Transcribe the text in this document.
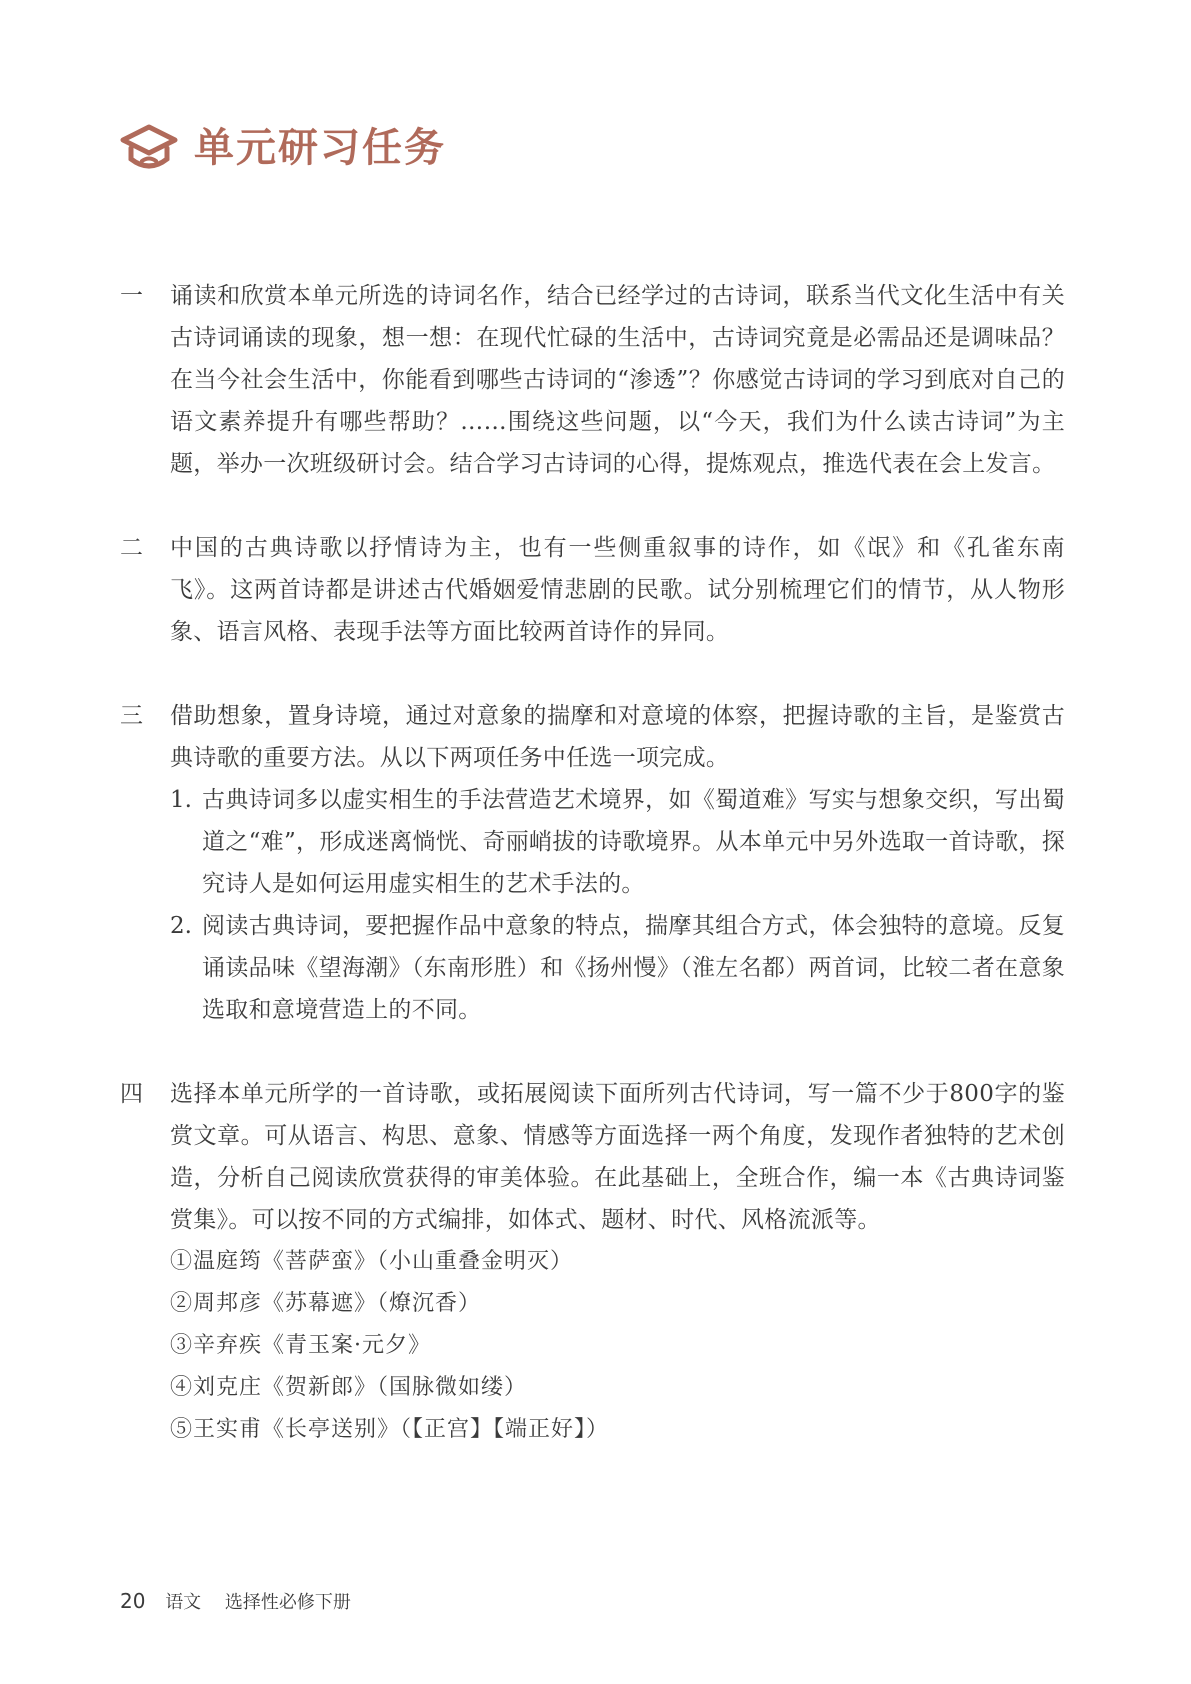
单元研习任务
一	诵读和欣赏本单元所选的诗词名作，结合已经学过的古诗词，联系当代文化生活中有关古诗词诵读的现象，想一想：在现代忙碌的生活中，古诗词究竟是必需品还是调味品？在当今社会生活中，你能看到哪些古诗词的“渗透”？你感觉古诗词的学习到底对自己的语文素养提升有哪些帮助？……围绕这些问题，以“今天，我们为什么读古诗词”为主题，举办一次班级研讨会。结合学习古诗词的心得，提炼观点，推选代表在会上发言。

二	中国的古典诗歌以抒情诗为主，也有一些侧重叙事的诗作，如《氓》和《孔雀东南飞》。这两首诗都是讲述古代婚姻爱情悲剧的民歌。试分别梳理它们的情节，从人物形象、语言风格、表现手法等方面比较两首诗作的异同。

三	借助想象，置身诗境，通过对意象的揣摩和对意境的体察，把握诗歌的主旨，是鉴赏古典诗歌的重要方法。从以下两项任务中任选一项完成。

1. 古典诗词多以虚实相生的手法营造艺术境界，如《蜀道难》写实与想象交织，写出蜀道之“难”，形成迷离惝恍、奇丽峭拔的诗歌境界。从本单元中另外选取一首诗歌，探究诗人是如何运用虚实相生的艺术手法的。

2. 阅读古典诗词，要把握作品中意象的特点，揣摩其组合方式，体会独特的意境。反复诵读品味《望海潮》（东南形胜）和《扬州慢》（淮左名都）两首词，比较二者在意象选取和意境营造上的不同。

四	选择本单元所学的一首诗歌，或拓展阅读下面所列古代诗词，写一篇不少于800字的鉴赏文章。可从语言、构思、意象、情感等方面选择一两个角度，发现作者独特的艺术创造，分析自己阅读欣赏获得的审美体验。在此基础上，全班合作，编一本《古典诗词鉴赏集》。可以按不同的方式编排，如体式、题材、时代、风格流派等。

①温庭筠《菩萨蛮》（小山重叠金明灭）
②周邦彦《苏幕遮》（燎沉香）
③辛弃疾《青玉案·元夕》
④刘克庄《贺新郎》（国脉微如缕）
⑤王实甫《长亭送别》（【正宫】【端正好】）
20 语文 选择性必修下册
